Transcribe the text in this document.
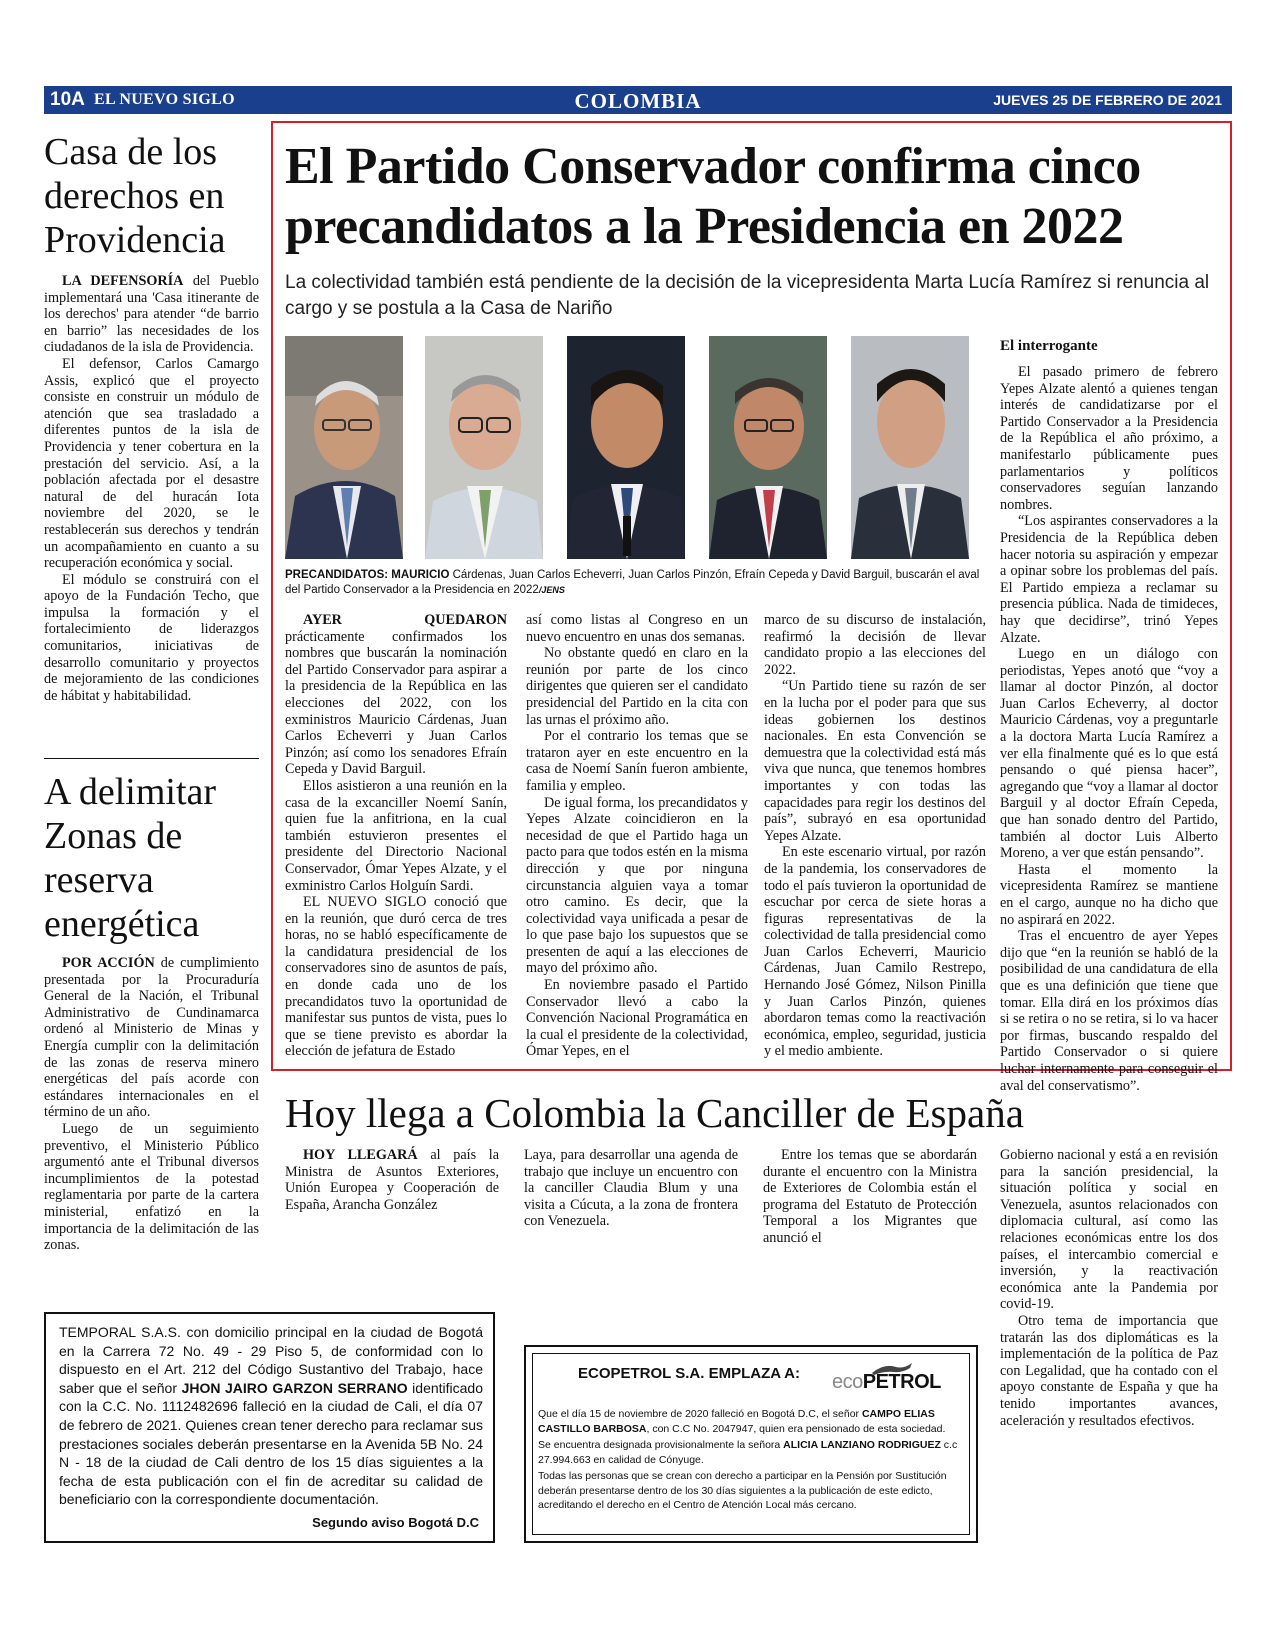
10A EL NUEVO SIGLO	COLOMBIA	JUEVES 25 DE FEBRERO DE 2021
Casa de los derechos en Providencia

LA DEFENSORÍA del Pueblo implementará una 'Casa itinerante de los derechos' para atender “de barrio en barrio” las necesidades de los ciudadanos de la isla de Providencia.

El defensor, Carlos Camargo Assis, explicó que el proyecto consiste en construir un módulo de atención que sea trasladado a diferentes puntos de la isla de Providencia y tener cobertura en la prestación del servicio. Así, a la población afectada por el desastre natural de del huracán Iota noviembre del 2020, se le restablecerán sus derechos y tendrán un acompañamiento en cuanto a su recuperación económica y social.

El módulo se construirá con el apoyo de la Fundación Techo, que impulsa la formación y el fortalecimiento de liderazgos comunitarios, iniciativas de desarrollo comunitario y proyectos de mejoramiento de las condiciones de hábitat y habitabilidad.

A delimitar Zonas de reserva energética

POR ACCIÓN de cumplimiento presentada por la Procuraduría General de la Nación, el Tribunal Administrativo de Cundinamarca ordenó al Ministerio de Minas y Energía cumplir con la delimitación de las zonas de reserva minero energéticas del país acorde con estándares internacionales en el término de un año.

Luego de un seguimiento preventivo, el Ministerio Público argumentó ante el Tribunal diversos incumplimientos de la potestad reglamentaria por parte de la cartera ministerial, enfatizó en la importancia de la delimitación de las zonas.

El Partido Conservador confirma cinco precandidatos a la Presidencia en 2022
La colectividad también está pendiente de la decisión de la vicepresidenta Marta Lucía Ramírez si renuncia al cargo y se postula a la Casa de Nariño
PRECANDIDATOS: MAURICIO Cárdenas, Juan Carlos Echeverri, Juan Carlos Pinzón, Efraín Cepeda y David Barguil, buscarán el aval del Partido Conservador a la Presidencia en 2022/JENS

AYER QUEDARON prácticamente confirmados los nombres que buscarán la nominación del Partido Conservador para aspirar a la presidencia de la República en las elecciones del 2022, con los exministros Mauricio Cárdenas, Juan Carlos Echeverri y Juan Carlos Pinzón; así como los senadores Efraín Cepeda y David Barguil.

Ellos asistieron a una reunión en la casa de la excanciller Noemí Sanín, quien fue la anfitriona, en la cual también estuvieron presentes el presidente del Directorio Nacional Conservador, Ómar Yepes Alzate, y el exministro Carlos Holguín Sardi.

EL NUEVO SIGLO conoció que en la reunión, que duró cerca de tres horas, no se habló específicamente de la candidatura presidencial de los conservadores sino de asuntos de país, en donde cada uno de los precandidatos tuvo la oportunidad de manifestar sus puntos de vista, pues lo que se tiene previsto es abordar la elección de jefatura de Estado

así como listas al Congreso en un nuevo encuentro en unas dos semanas.

No obstante quedó en claro en la reunión por parte de los cinco dirigentes que quieren ser el candidato presidencial del Partido en la cita con las urnas el próximo año.

Por el contrario los temas que se trataron ayer en este encuentro en la casa de Noemí Sanín fueron ambiente, familia y empleo.

De igual forma, los precandidatos y Yepes Alzate coincidieron en la necesidad de que el Partido haga un pacto para que todos estén en la misma dirección y que por ninguna circunstancia alguien vaya a tomar otro camino. Es decir, que la colectividad vaya unificada a pesar de lo que pase bajo los supuestos que se presenten de aquí a las elecciones de mayo del próximo año.

En noviembre pasado el Partido Conservador llevó a cabo la Convención Nacional Programática en la cual el presidente de la colectividad, Ómar Yepes, en el

marco de su discurso de instalación, reafirmó la decisión de llevar candidato propio a las elecciones del 2022.

“Un Partido tiene su razón de ser en la lucha por el poder para que sus ideas gobiernen los destinos nacionales. En esta Convención se demuestra que la colectividad está más viva que nunca, que tenemos hombres importantes y con todas las capacidades para regir los destinos del país”, subrayó en esa oportunidad Yepes Alzate.

En este escenario virtual, por razón de la pandemia, los conservadores de todo el país tuvieron la oportunidad de escuchar por cerca de siete horas a figuras representativas de la colectividad de talla presidencial como Juan Carlos Echeverri, Mauricio Cárdenas, Juan Camilo Restrepo, Hernando José Gómez, Nilson Pinilla y Juan Carlos Pinzón, quienes abordaron temas como la reactivación económica, empleo, seguridad, justicia y el medio ambiente.

El interrogante

El pasado primero de febrero Yepes Alzate alentó a quienes tengan interés de candidatizarse por el Partido Conservador a la Presidencia de la República el año próximo, a manifestarlo públicamente pues parlamentarios y políticos conservadores seguían lanzando nombres.

“Los aspirantes conservadores a la Presidencia de la República deben hacer notoria su aspiración y empezar a opinar sobre los problemas del país. El Partido empieza a reclamar su presencia pública. Nada de timideces, hay que decidirse”, trinó Yepes Alzate.

Luego en un diálogo con periodistas, Yepes anotó que “voy a llamar al doctor Pinzón, al doctor Juan Carlos Echeverry, al doctor Mauricio Cárdenas, voy a preguntarle a la doctora Marta Lucía Ramírez a ver ella finalmente qué es lo que está pensando o qué piensa hacer”, agregando que “voy a llamar al doctor Barguil y al doctor Efraín Cepeda, que han sonado dentro del Partido, también al doctor Luis Alberto Moreno, a ver que están pensando”.

Hasta el momento la vicepresidenta Ramírez se mantiene en el cargo, aunque no ha dicho que no aspirará en 2022.

Tras el encuentro de ayer Yepes dijo que “en la reunión se habló de la posibilidad de una candidatura de ella que es una definición que tiene que tomar. Ella dirá en los próximos días si se retira o no se retira, si lo va hacer por firmas, buscando respaldo del Partido Conservador o si quiere luchar internamente para conseguir el aval del conservatismo”.

Hoy llega a Colombia la Canciller de España

HOY LLEGARÁ al país la Ministra de Asuntos Exteriores, Unión Europea y Cooperación de España, Arancha González

Laya, para desarrollar una agenda de trabajo que incluye un encuentro con la canciller Claudia Blum y una visita a Cúcuta, a la zona de frontera con Venezuela.

Entre los temas que se abordarán durante el encuentro con la Ministra de Exteriores de Colombia están el programa del Estatuto de Protección Temporal a los Migrantes que anunció el

Gobierno nacional y está a en revisión para la sanción presidencial, la situación política y social en Venezuela, asuntos relacionados con diplomacia cultural, así como las relaciones económicas entre los dos países, el intercambio comercial e inversión, y la reactivación económica ante la Pandemia por covid-19.

Otro tema de importancia que tratarán las dos diplomáticas es la implementación de la política de Paz con Legalidad, que ha contado con el apoyo constante de España y que ha tenido importantes avances, aceleración y resultados efectivos.

TEMPORAL S.A.S. con domicilio principal en la ciudad de Bogotá en la Carrera 72 No. 49 - 29 Piso 5, de conformidad con lo dispuesto en el Art. 212 del Código Sustantivo del Trabajo, hace saber que el señor JHON JAIRO GARZON SERRANO identificado con la C.C. No. 1112482696 falleció en la ciudad de Cali, el día 07 de febrero de 2021. Quienes crean tener derecho para reclamar sus prestaciones sociales deberán presentarse en la Avenida 5B No. 24 N - 18 de la ciudad de Cali dentro de los 15 días siguientes a la fecha de esta publicación con el fin de acreditar su calidad de beneficiario con la correspondiente documentación.
Segundo aviso Bogotá D.C
ECOPETROL S.A. EMPLAZA A: ecoPETROL

Que el día 15 de noviembre de 2020 falleció en Bogotá D.C, el señor CAMPO ELIAS CASTILLO BARBOSA, con C.C No. 2047947, quien era pensionado de esta sociedad.

Se encuentra designada provisionalmente la señora ALICIA LANZIANO RODRIGUEZ c.c 27.994.663 en calidad de Cónyuge.

Todas las personas que se crean con derecho a participar en la Pensión por Sustitución deberán presentarse dentro de los 30 días siguientes a la publicación de este edicto, acreditando el derecho en el Centro de Atención Local más cercano.
